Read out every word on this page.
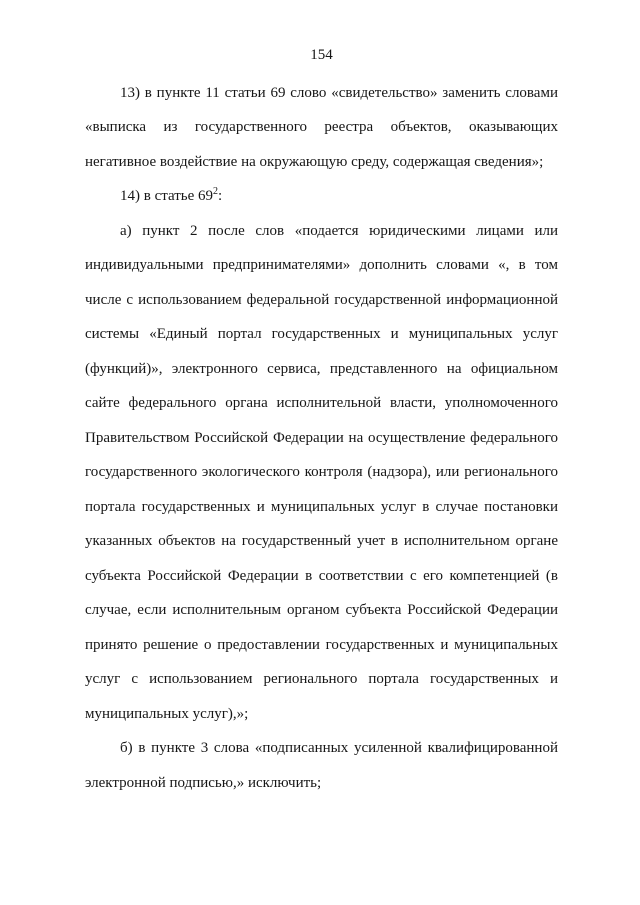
154
13) в пункте 11 статьи 69 слово «свидетельство» заменить словами
«выписка из государственного реестра объектов, оказывающих
негативное воздействие на окружающую среду, содержащая сведения»;
14) в статье $69^2$:
а) пункт 2 после слов «подается юридическими лицами или
индивидуальными предпринимателями» дополнить словами «, в том
числе с использованием федеральной государственной информационной
системы «Единый портал государственных и муниципальных услуг
(функций)», электронного сервиса, представленного на официальном
сайте федерального органа исполнительной власти, уполномоченного
Правительством Российской Федерации на осуществление федерального
государственного экологического контроля (надзора), или регионального
портала государственных и муниципальных услуг в случае постановки
указанных объектов на государственный учет в исполнительном органе
субъекта Российской Федерации в соответствии с его компетенцией (в
случае, если исполнительным органом субъекта Российской Федерации
принято решение о предоставлении государственных и муниципальных
услуг с использованием регионального портала государственных и
муниципальных услуг),»;
б) в пункте 3 слова «подписанных усиленной квалифицированной
электронной подписью,» исключить;
